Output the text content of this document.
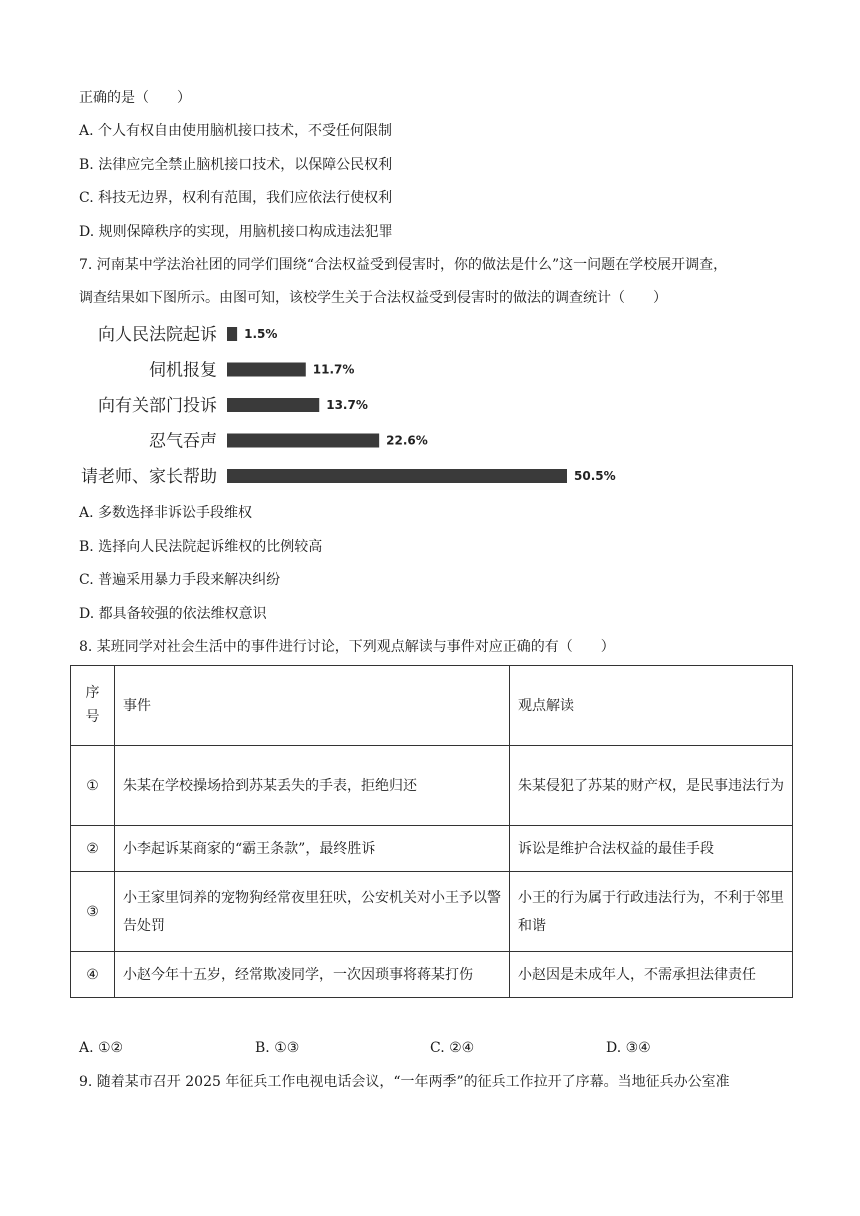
正确的是（　　）
A. 个人有权自由使用脑机接口技术，不受任何限制
B. 法律应完全禁止脑机接口技术，以保障公民权利
C. 科技无边界，权利有范围，我们应依法行使权利
D. 规则保障秩序的实现，用脑机接口构成违法犯罪
7. 河南某中学法治社团的同学们围绕“合法权益受到侵害时，你的做法是什么”这一问题在学校展开调查，
调查结果如下图所示。由图可知，该校学生关于合法权益受到侵害时的做法的调查统计（　　）
向人民法院起诉 1.5%
伺机报复	11.7%
向有关部门投诉	13.7%
忍气吞声	22.6%
请老师、家长帮助	50.5%
A. 多数选择非诉讼手段维权
B. 选择向人民法院起诉维权的比例较高
C. 普遍采用暴力手段来解决纠纷
D. 都具备较强的依法维权意识
8. 某班同学对社会生活中的事件进行讨论，下列观点解读与事件对应正确的有（　　）
序号	事件	观点解读
①	朱某在学校操场拾到苏某丢失的手表，拒绝归还	朱某侵犯了苏某的财产权，是民事违法行为
②	小李起诉某商家的“霸王条款”，最终胜诉	诉讼是维护合法权益的最佳手段
③	小王家里饲养的宠物狗经常夜里狂吠，公安机关对小王予以警告处罚	小王的行为属于行政违法行为，不利于邻里和谐
④	小赵今年十五岁，经常欺凌同学，一次因琐事将蒋某打伤	小赵因是未成年人，不需承担法律责任
A. ①②	B. ①③	C. ②④	D. ③④
9. 随着某市召开 2025 年征兵工作电视电话会议，“一年两季”的征兵工作拉开了序幕。当地征兵办公室准
